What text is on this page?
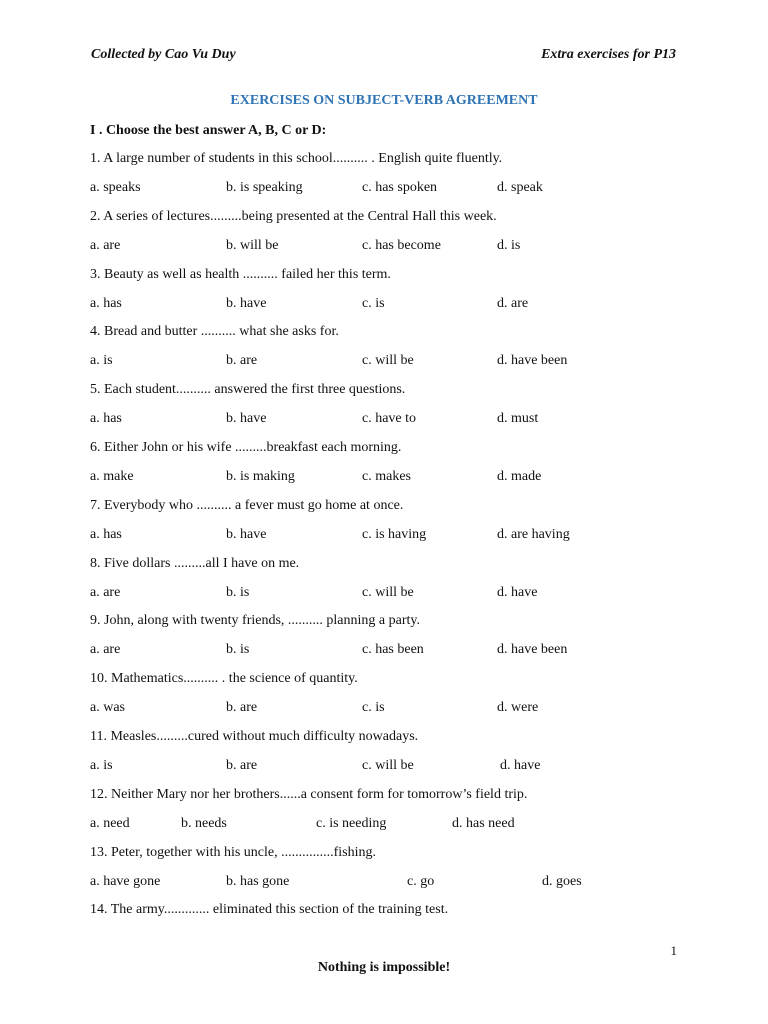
Collected by Cao Vu Duy	Extra exercises for P13
EXERCISES ON SUBJECT-VERB AGREEMENT
I . Choose the best answer A, B, C or D:
1. A large number of students in this school.......... . English quite fluently.
a. speaks	b. is speaking	c. has spoken	d. speak
2. A series of lectures.........being presented at the Central Hall this week.
a. are	b. will be	c. has become	d. is
3. Beauty as well as health .......... failed her this term.
a. has	b. have	c. is	d. are
4. Bread and butter .......... what she asks for.
a. is	b. are	c. will be	d. have been
5. Each student.......... answered the first three questions.
a. has	b. have	c. have to	d. must
6. Either John or his wife .........breakfast each morning.
a. make	b. is making	c. makes	d. made
7. Everybody who .......... a fever must go home at once.
a. has	b. have	c. is having	d. are having
8. Five dollars .........all I have on me.
a. are	b. is	c. will be	d. have
9. John, along with twenty friends, .......... planning a party.
a. are	b. is	c. has been	d. have been
10. Mathematics.......... . the science of quantity.
a. was	b. are	c. is	d. were
11. Measles.........cured without much difficulty nowadays.
a. is	b. are	c. will be	d. have
12. Neither Mary nor her brothers......a consent form for tomorrow’s field trip.
a. need	b. needs	c. is needing	d. has need
13. Peter, together with his uncle, ...............fishing.
a. have gone	b. has gone	c. go	d. goes
14. The army............. eliminated this section of the training test.
1
Nothing is impossible!
